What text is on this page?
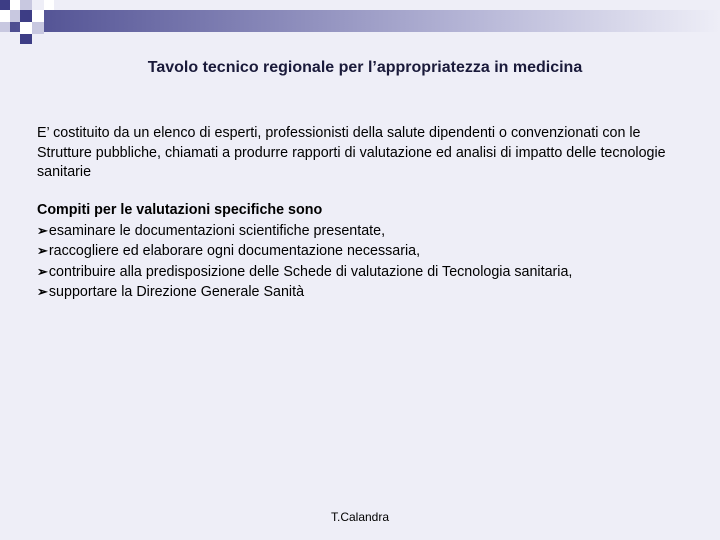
Tavolo tecnico regionale per l’appropriatezza in medicina
E’ costituito da un elenco di esperti, professionisti della salute dipendenti o convenzionati con le Strutture pubbliche, chiamati a produrre rapporti di valutazione ed analisi di impatto delle tecnologie sanitarie
Compiti per le valutazioni specifiche sono
➢esaminare le documentazioni scientifiche presentate,
➢raccogliere ed elaborare ogni documentazione necessaria,
➢contribuire alla predisposizione delle Schede di valutazione di Tecnologia sanitaria,
➢supportare la Direzione Generale Sanità
T.Calandra
